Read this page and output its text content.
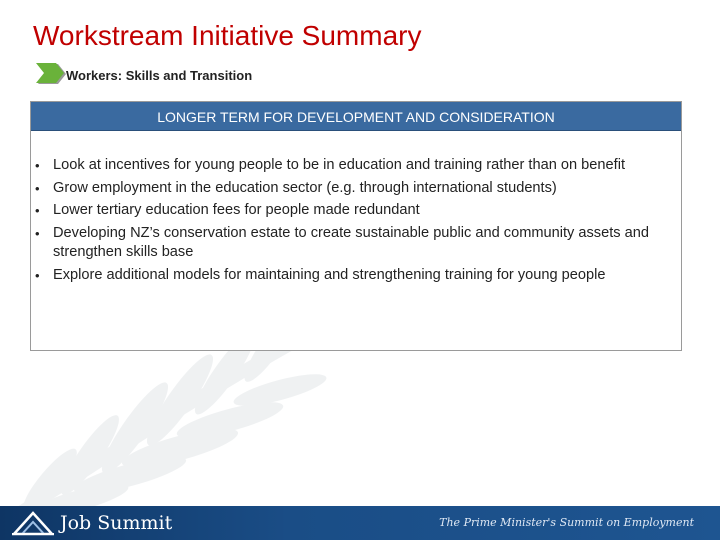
Workstream Initiative Summary
Workers: Skills and Transition
LONGER TERM FOR DEVELOPMENT AND CONSIDERATION
• Look at incentives for young people to be in education and training rather than on benefit
• Grow employment in the education sector (e.g. through international students)
• Lower tertiary education fees for people made redundant
• Developing NZ’s conservation estate to create sustainable public and community assets and strengthen skills base
• Explore additional models for maintaining and strengthening training for young people
Job Summit	The Prime Minister's Summit on Employment
